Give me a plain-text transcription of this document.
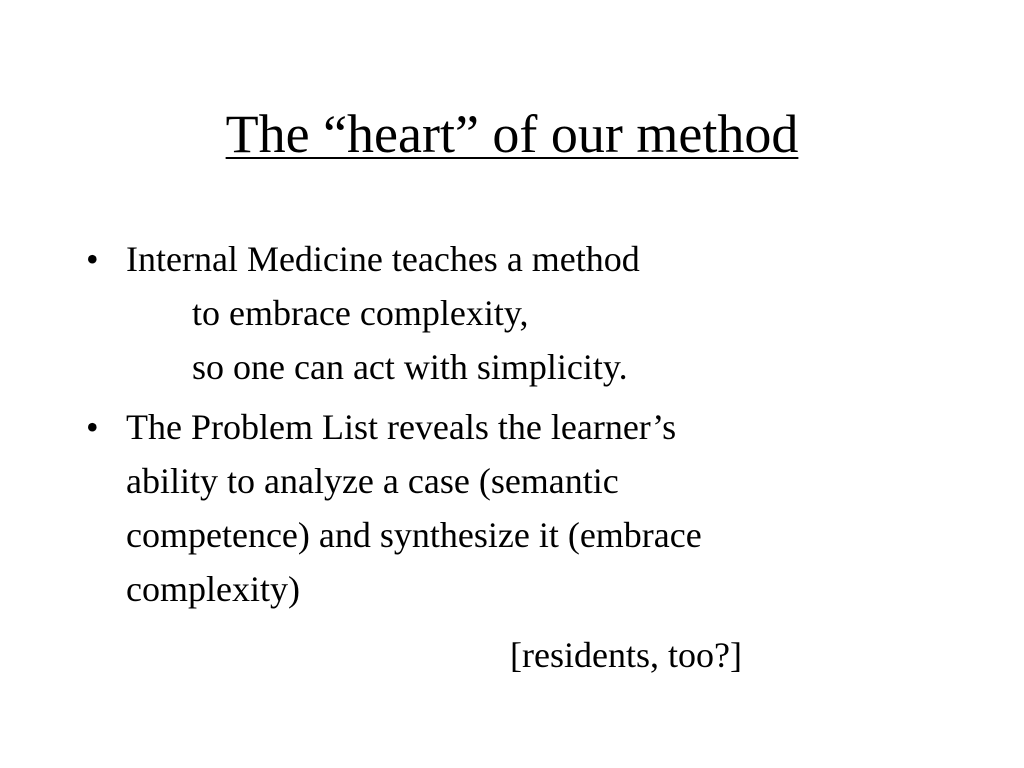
The “heart” of our method
• Internal Medicine teaches a method
to embrace complexity,
so one can act with simplicity.
• The Problem List reveals the learner’s
ability to analyze a case (semantic
competence) and synthesize it (embrace
complexity)
[residents, too?]
